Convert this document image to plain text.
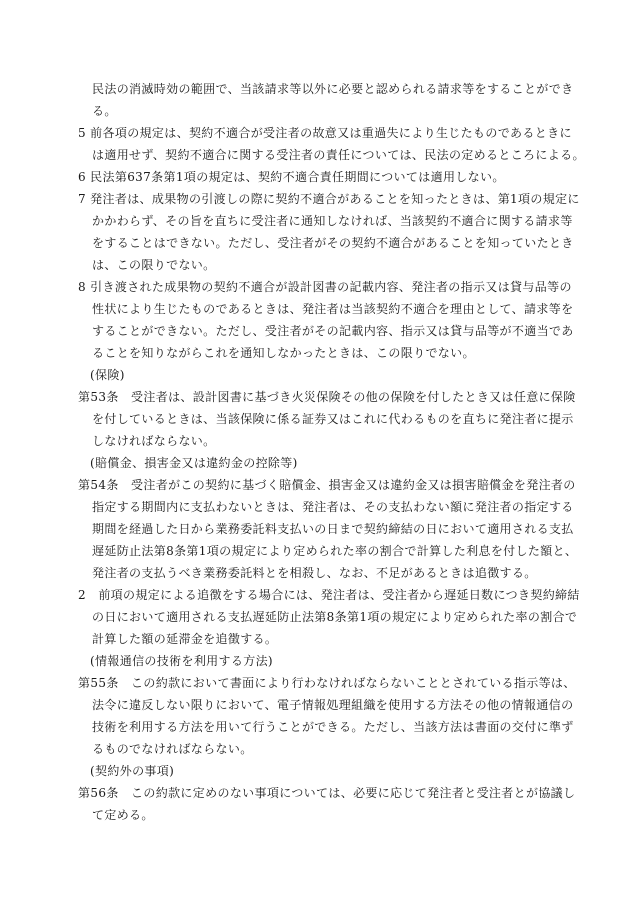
民法の消滅時効の範囲で、当該請求等以外に必要と認められる請求等をすることができ
る。
5 前各項の規定は、契約不適合が受注者の故意又は重過失により生じたものであるときに
は適用せず、契約不適合に関する受注者の責任については、民法の定めるところによる。
6 民法第637条第1項の規定は、契約不適合責任期間については適用しない。
7 発注者は、成果物の引渡しの際に契約不適合があることを知ったときは、第1項の規定に
かかわらず、その旨を直ちに受注者に通知しなければ、当該契約不適合に関する請求等
をすることはできない。ただし、受注者がその契約不適合があることを知っていたとき
は、この限りでない。
8 引き渡された成果物の契約不適合が設計図書の記載内容、発注者の指示又は貸与品等の
性状により生じたものであるときは、発注者は当該契約不適合を理由として、請求等を
することができない。ただし、受注者がその記載内容、指示又は貸与品等が不適当であ
ることを知りながらこれを通知しなかったときは、この限りでない。
(保険)
第53条　受注者は、設計図書に基づき火災保険その他の保険を付したとき又は任意に保険
を付しているときは、当該保険に係る証券又はこれに代わるものを直ちに発注者に提示
しなければならない。
(賠償金、損害金又は違約金の控除等)
第54条　受注者がこの契約に基づく賠償金、損害金又は違約金又は損害賠償金を発注者の
指定する期間内に支払わないときは、発注者は、その支払わない額に発注者の指定する
期間を経過した日から業務委託料支払いの日まで契約締結の日において適用される支払
遅延防止法第8条第1項の規定により定められた率の割合で計算した利息を付した額と、
発注者の支払うべき業務委託料とを相殺し、なお、不足があるときは追徴する。
2　前項の規定による追徴をする場合には、発注者は、受注者から遅延日数につき契約締結
の日において適用される支払遅延防止法第8条第1項の規定により定められた率の割合で
計算した額の延滞金を追徴する。
(情報通信の技術を利用する方法)
第55条　この約款において書面により行わなければならないこととされている指示等は、
法令に違反しない限りにおいて、電子情報処理組織を使用する方法その他の情報通信の
技術を利用する方法を用いて行うことができる。ただし、当該方法は書面の交付に準ず
るものでなければならない。
(契約外の事項)
第56条　この約款に定めのない事項については、必要に応じて発注者と受注者とが協議し
て定める。
